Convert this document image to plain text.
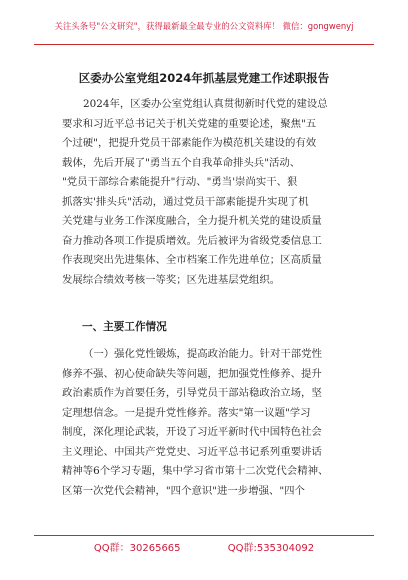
关注头条号"公文研究"，获得最新最全最专业的公文资料库！ 微信：gongwenyj
区委办公室党组2024年抓基层党建工作述职报告
2024年，区委办公室党组认真贯彻新时代党的建设总
要求和习近平总书记关于机关党建的重要论述，聚焦"五
个过硬"，把提升党员干部素能作为模范机关建设的有效
载体，先后开展了"勇当五个自我革命排头兵"活动、
"党员干部综合素能提升"行动、"勇当'崇尚实干、狠
抓落实'排头兵"活动，通过党员干部素能提升实现了机
关党建与业务工作深度融合，全力提升机关党的建设质量
奋力推动各项工作提质增效。先后被评为省级党委信息工
作表现突出先进集体、全市档案工作先进单位；区高质量
发展综合绩效考核一等奖；区先进基层党组织。
一、主要工作情况
（一）强化党性锻炼，提高政治能力。针对干部党性
修养不强、初心使命缺失等问题，把加强党性修养、提升
政治素质作为首要任务，引导党员干部站稳政治立场，坚
定理想信念。一是提升党性修养。落实"第一议题"学习
制度，深化理论武装，开设了习近平新时代中国特色社会
主义理论、中国共产党党史、习近平总书记系列重要讲话
精神等6个学习专题，集中学习省市第十二次党代会精神、
区第一次党代会精神，"四个意识"进一步增强、"四个
QQ群：30265665	QQ群:535304092
